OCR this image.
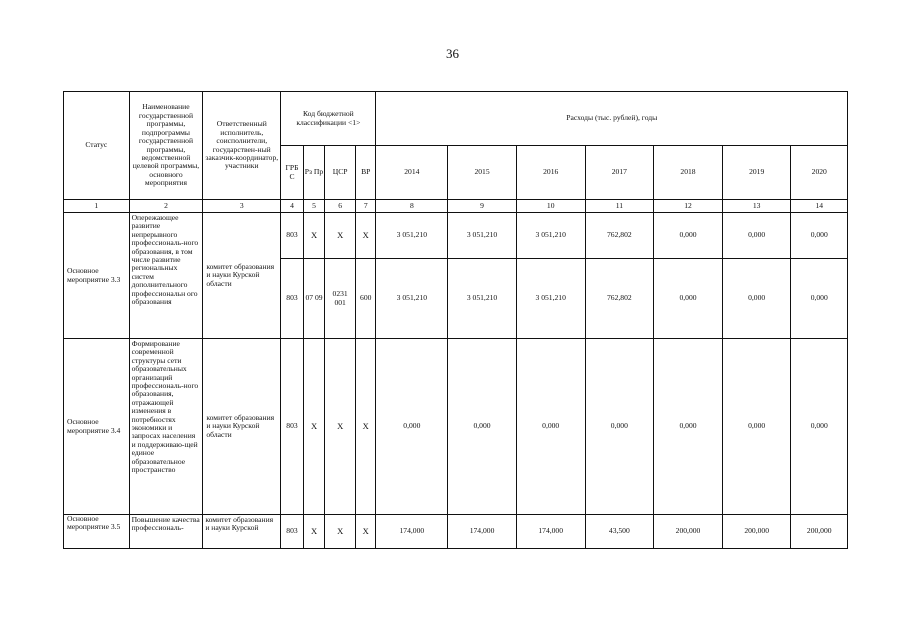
36
Статус	Наименование государственной программы, подпрограммы государственной программы, ведомственной целевой программы, основного мероприятия	Ответственный исполнитель, соисполнители, государствен-ный заказчик-координатор, участники	Код бюджетной классификации <1>				Расходы (тыс. рублей), годы						
			ГРБ С	Рз Пр	ЦСР	ВР	2014	2015	2016	2017	2018	2019	2020
1	2	3	4	5	6	7	8	9	10	11	12	13	14
Основное мероприятие 3.3	Опережающее развитие непрерывного профессиональ-ного образования, в том числе развитие региональных систем дополнительного профессиональн ого образования	комитет образования и науки Курской области	803	X	X	X	3 051,210	3 051,210	3 051,210	762,802	0,000	0,000	0,000
			803	07 09	0231 001	600	3 051,210	3 051,210	3 051,210	762,802	0,000	0,000	0,000
Основное мероприятие 3.4	Формирование современной структуры сети образовательных организаций профессиональ-ного образования, отражающей изменения в потребностях экономики и запросах населения и поддерживаю-щей единое образовательное пространство	комитет образования и науки Курской области	803	X	X	X	0,000	0,000	0,000	0,000	0,000	0,000	0,000
Основное мероприятие 3.5	Повышение качества профессиональ-	комитет образования и науки Курской	803	X	X	X	174,000	174,000	174,000	43,500	200,000	200,000	200,000
